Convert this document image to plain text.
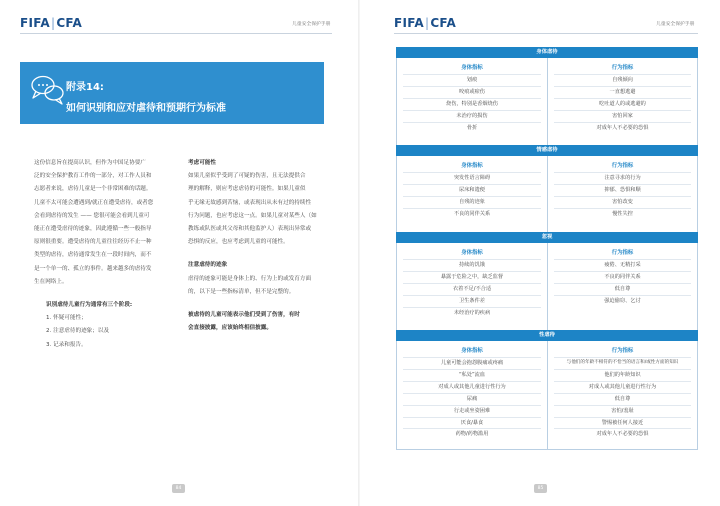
FIFA|CFA	儿童安全保护手册
附录14:
如何识别和应对虐待和预期行为标准

这份信息旨在提高认识，但作为中国足协要广

泛的安全保护教育工作的一部分，对工作人员和

志愿者来说，虐待儿童是一个非常困难的话题。

儿童不太可能会遭遇到/就正在遭受虐待，或者您

会看到虐待的发生 —— 您很可能会看到儿童可

能正在遭受虐待的迹象，因此遵循一些一般指导

原则很重要。遭受虐待的儿童往往经历不止一种

类型的虐待，虐待通常发生在一段时间内，而不

是一个单一的、孤立的事件。越来越多的虐待发

生在网络上。

识别虐待儿童行为通常有三个阶段:

1. 怀疑可能性；

2. 注意虐待的迹象；以及

3. 记录和报告。

考虑可能性

如果儿童似乎受到了可疑的伤害，且无法提供合

理的解释，则应考虑虐待的可能性。如果儿童似

乎无缘无故感到苦恼，或表现出从未有过的持续性

行为问题，也应考虑这一点。如果儿童对某些人（如

教练或队医或其父母和其他监护人）表现出异常或

恐惧的反应，也应考虑到儿童的可能性。

注意虐待的迹象

虐待的迹象可能是身体上的、行为上的或发育方面

的，以下是一些指标清单，但不是完整的。

被虐待的儿童可能表示他们受到了伤害，有时

会直接披露，应该始终相信披露。

84
FIFA|CFA	儿童安全保护手册
身体虐待
身体指标
划痕
咬痕或瘀伤
烧伤，特别是香烟烧伤
未治疗的损伤
骨折
行为指标
自残倾向
一直想逃避
吃吐道人的或逃避的
害怕回家
对成年人不必要的恐惧
情感虐待
身体指标
突发性语言障碍
尿床和遗便
自残的迹象
不良的同伴关系
行为指标
注意寻求的行为
抑郁、恐惧和顺
害怕改变
慢性失控
忽视
身体指标
持续的饥饿
暴露于危险之中，缺乏监督
衣着不足/不合适
卫生条件差
未经治疗的疾病
行为指标
疲倦、无精打采
不良的同伴关系
低自尊
强迫偷窃、乞讨
性虐待
身体指标
儿童可能会抱怨腹痛或疼痛
“私处”流血
对成人或其他儿童进行性行为
尿痛
行走或坐姿困难
厌食/暴食
药物/药物滥用
行为指标
与他们的年龄不相符的不恰当的语言和/或性方面的知识
他们的年龄知识
对成人或其他儿童进行性行为
低自尊
害怕/羞耻
警惕被任何人接近
对成年人不必要的恐惧
85
